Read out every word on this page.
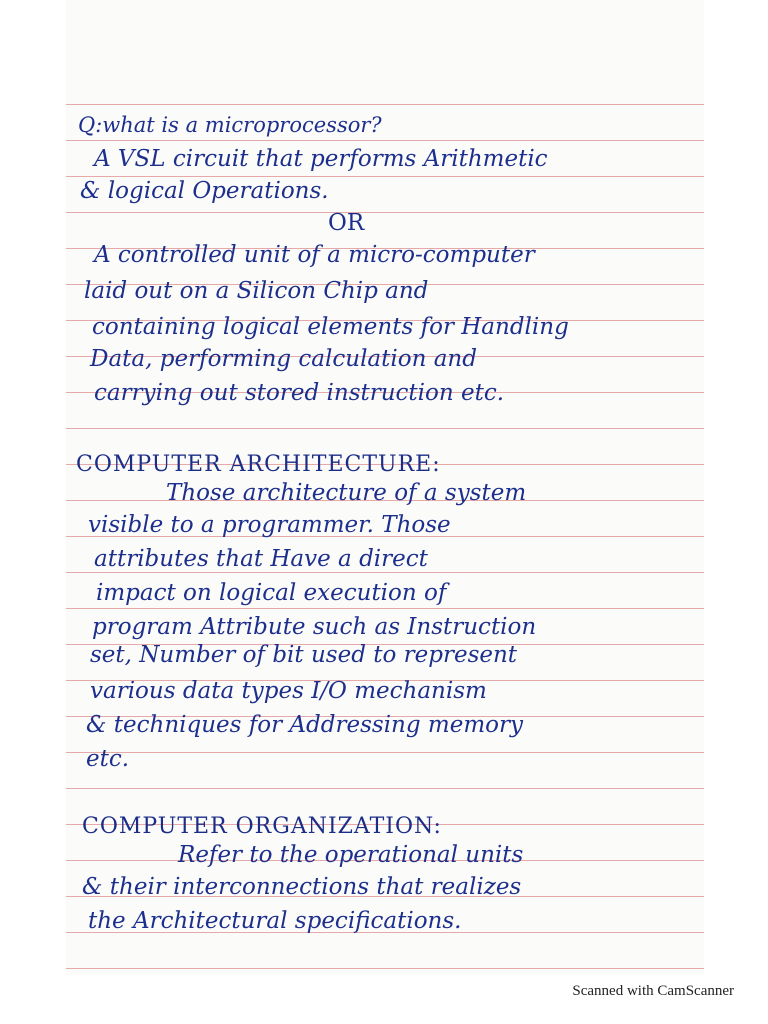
Q:what is a microprocessor?
A VSL circuit that performs Arithmetic
& logical Operations.
OR
A controlled unit of a micro-computer
laid out on a Silicon Chip and
containing logical elements for Handling
Data, performing calculation and
carrying out stored instruction etc.
COMPUTER ARCHITECTURE:
Those architecture of a system
visible to a programmer. Those
attributes that Have a direct
impact on logical execution of
program Attribute such as Instruction
set, Number of bit used to represent
various data types I/O mechanism
& techniques for Addressing memory
etc.
COMPUTER ORGANIZATION:
Refer to the operational units
& their interconnections that realizes
the Architectural specifications.
Scanned with CamScanner
